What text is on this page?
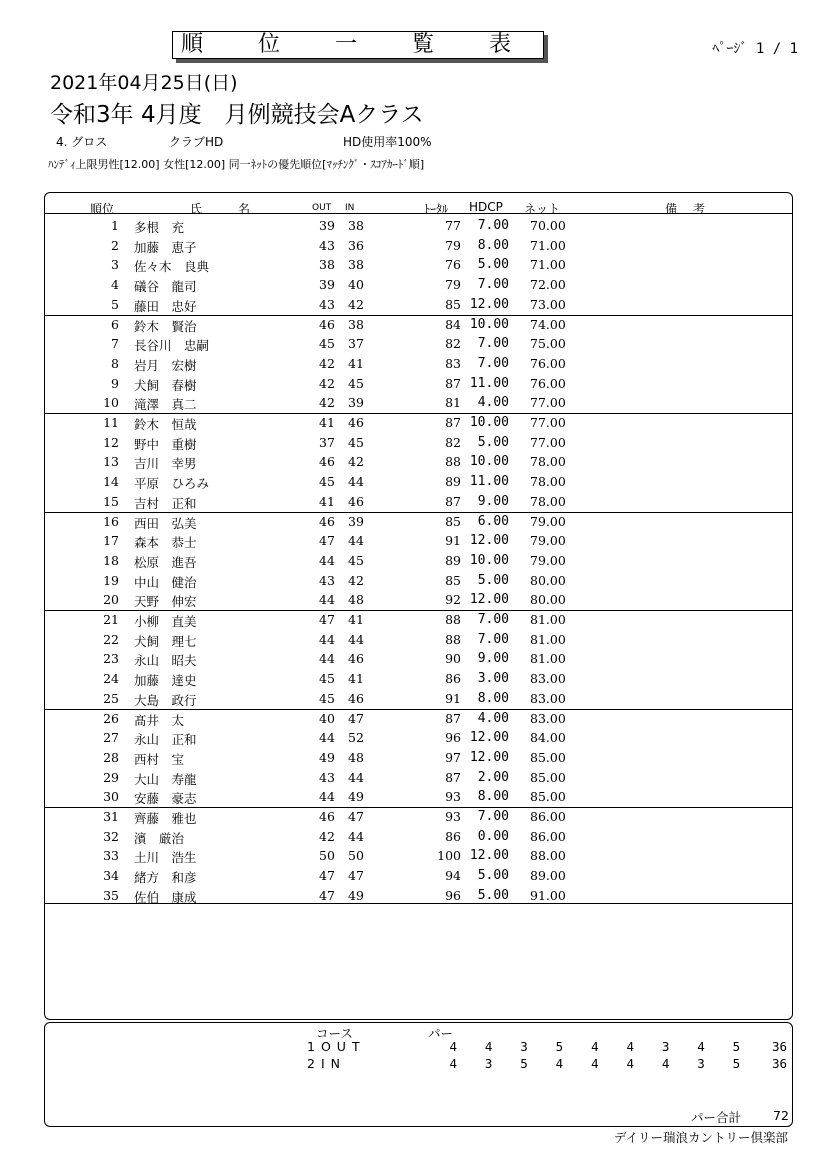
順 位 一 覧 表	ﾍﾟｰｼﾞ 1 / 1
2021年04月25日(日)
令和3年 4月度　月例競技会Aクラス
4. グロス	クラブHD	HD使用率100%
ﾊﾝﾃﾞｨ上限男性[12.00] 女性[12.00] 同一ﾈｯﾄの優先順位[ﾏｯﾁﾝｸﾞ・ｽｺｱｶｰﾄﾞ順]
順位	氏	名	OUT IN	ﾄｰﾀﾙ HDCP ネット	備 考
1 多根　充	39 38	77 7.00 70.00
2 加藤　恵子	43 36	79 8.00 71.00
3 佐々木　良典	38 38	76 5.00 71.00
4 礒谷　龍司	39 40	79 7.00 72.00
5 藤田　忠好	43 42	85 12.00 73.00
6 鈴木　賢治	46 38	84 10.00 74.00
7 長谷川　忠嗣	45 37	82 7.00 75.00
8 岩月　宏樹	42 41	83 7.00 76.00
9 犬飼　春樹	42 45	87 11.00 76.00
10 滝澤　真二	42 39	81 4.00 77.00
11 鈴木　恒哉	41 46	87 10.00 77.00
12 野中　重樹	37 45	82 5.00 77.00
13 吉川　幸男	46 42	88 10.00 78.00
14 平原　ひろみ	45 44	89 11.00 78.00
15 吉村　正和	41 46	87 9.00 78.00
16 西田　弘美	46 39	85 6.00 79.00
17 森本　恭士	47 44	91 12.00 79.00
18 松原　進吾	44 45	89 10.00 79.00
19 中山　健治	43 42	85 5.00 80.00
20 天野　伸宏	44 48	92 12.00 80.00
21 小柳　直美	47 41	88 7.00 81.00
22 犬飼　理七	44 44	88 7.00 81.00
23 永山　昭夫	44 46	90 9.00 81.00
24 加藤　達史	45 41	86 3.00 83.00
25 大島　政行	45 46	91 8.00 83.00
26 髙井　太	40 47	87 4.00 83.00
27 永山　正和	44 52	96 12.00 84.00
28 西村　宝	49 48	97 12.00 85.00
29 大山　寿龍	43 44	87 2.00 85.00
30 安藤　豪志	44 49	93 8.00 85.00
31 齊藤　雅也	46 47	93 7.00 86.00
32 濱　厳治	42 44	86 0.00 86.00
33 土川　浩生	50 50	100 12.00 88.00
34 緒方　和彦	47 47	94 5.00 89.00
35 佐伯　康成	47 49	96 5.00 91.00
コース	パー
1OUT	4	4	3	5	4	4	3	4	5	36
2IN	4	3	5	4	4	4	4	3	5	36
パー合計	72
デイリー瑞浪カントリー倶楽部
